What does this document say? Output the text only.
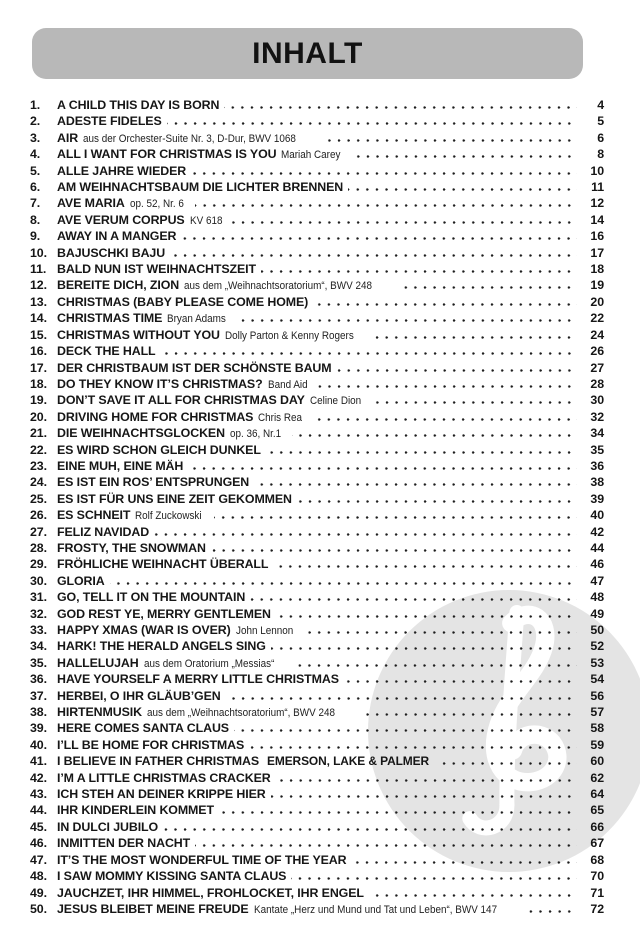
INHALT
1.	A CHILD THIS DAY IS BORN	4
2.	ADESTE FIDELES	5
3.	AIR aus der Orchester-Suite Nr. 3, D-Dur, BWV 1068	6
4.	ALL I WANT FOR CHRISTMAS IS YOU Mariah Carey	8
5.	ALLE JAHRE WIEDER	10
6.	AM WEIHNACHTSBAUM DIE LICHTER BRENNEN	11
7.	AVE MARIA op. 52, Nr. 6	12
8.	AVE VERUM CORPUS KV 618	14
9.	AWAY IN A MANGER	16
10. BAJUSCHKI BAJU	17
11. BALD NUN IST WEIHNACHTSZEIT	18
12. BEREITE DICH, ZION aus dem „Weihnachtsoratorium“, BWV 248	19
13. CHRISTMAS (BABY PLEASE COME HOME)	20
14. CHRISTMAS TIME Bryan Adams	22
15. CHRISTMAS WITHOUT YOU Dolly Parton & Kenny Rogers	24
16. DECK THE HALL	26
17. DER CHRISTBAUM IST DER SCHÖNSTE BAUM	27
18. DO THEY KNOW IT’S CHRISTMAS? Band Aid	28
19. DON’T SAVE IT ALL FOR CHRISTMAS DAY Celine Dion	30
20. DRIVING HOME FOR CHRISTMAS Chris Rea	32
21. DIE WEIHNACHTSGLOCKEN op. 36, Nr.1	34
22. ES WIRD SCHON GLEICH DUNKEL	35
23. EINE MUH, EINE MÄH	36
24. ES IST EIN ROS’ ENTSPRUNGEN	38
25. ES IST FÜR UNS EINE ZEIT GEKOMMEN	39
26. ES SCHNEIT Rolf Zuckowski	40
27. FELIZ NAVIDAD	42
28. FROSTY, THE SNOWMAN	44
29. FRÖHLICHE WEIHNACHT ÜBERALL	46
30. GLORIA	47
31. GO, TELL IT ON THE MOUNTAIN	48
32. GOD REST YE, MERRY GENTLEMEN	49
33. HAPPY XMAS (WAR IS OVER) John Lennon	50
34. HARK! THE HERALD ANGELS SING	52
35. HALLELUJAH aus dem Oratorium „Messias“	53
36. HAVE YOURSELF A MERRY LITTLE CHRISTMAS	54
37. HERBEI, O IHR GLÄUB’GEN	56
38. HIRTENMUSIK aus dem „Weihnachtsoratorium“, BWV 248	57
39. HERE COMES SANTA CLAUS	58
40. I’LL BE HOME FOR CHRISTMAS	59
41. I BELIEVE IN FATHER CHRISTMAS EMERSON, LAKE & PALMER	60
42. I’M A LITTLE CHRISTMAS CRACKER	62
43. ICH STEH AN DEINER KRIPPE HIER	64
44. IHR KINDERLEIN KOMMET	65
45. IN DULCI JUBILO	66
46. INMITTEN DER NACHT	67
47. IT’S THE MOST WONDERFUL TIME OF THE YEAR	68
48. I SAW MOMMY KISSING SANTA CLAUS	70
49. JAUCHZET, IHR HIMMEL, FROHLOCKET, IHR ENGEL	71
50. JESUS BLEIBET MEINE FREUDE Kantate „Herz und Mund und Tat und Leben“, BWV 147	72
